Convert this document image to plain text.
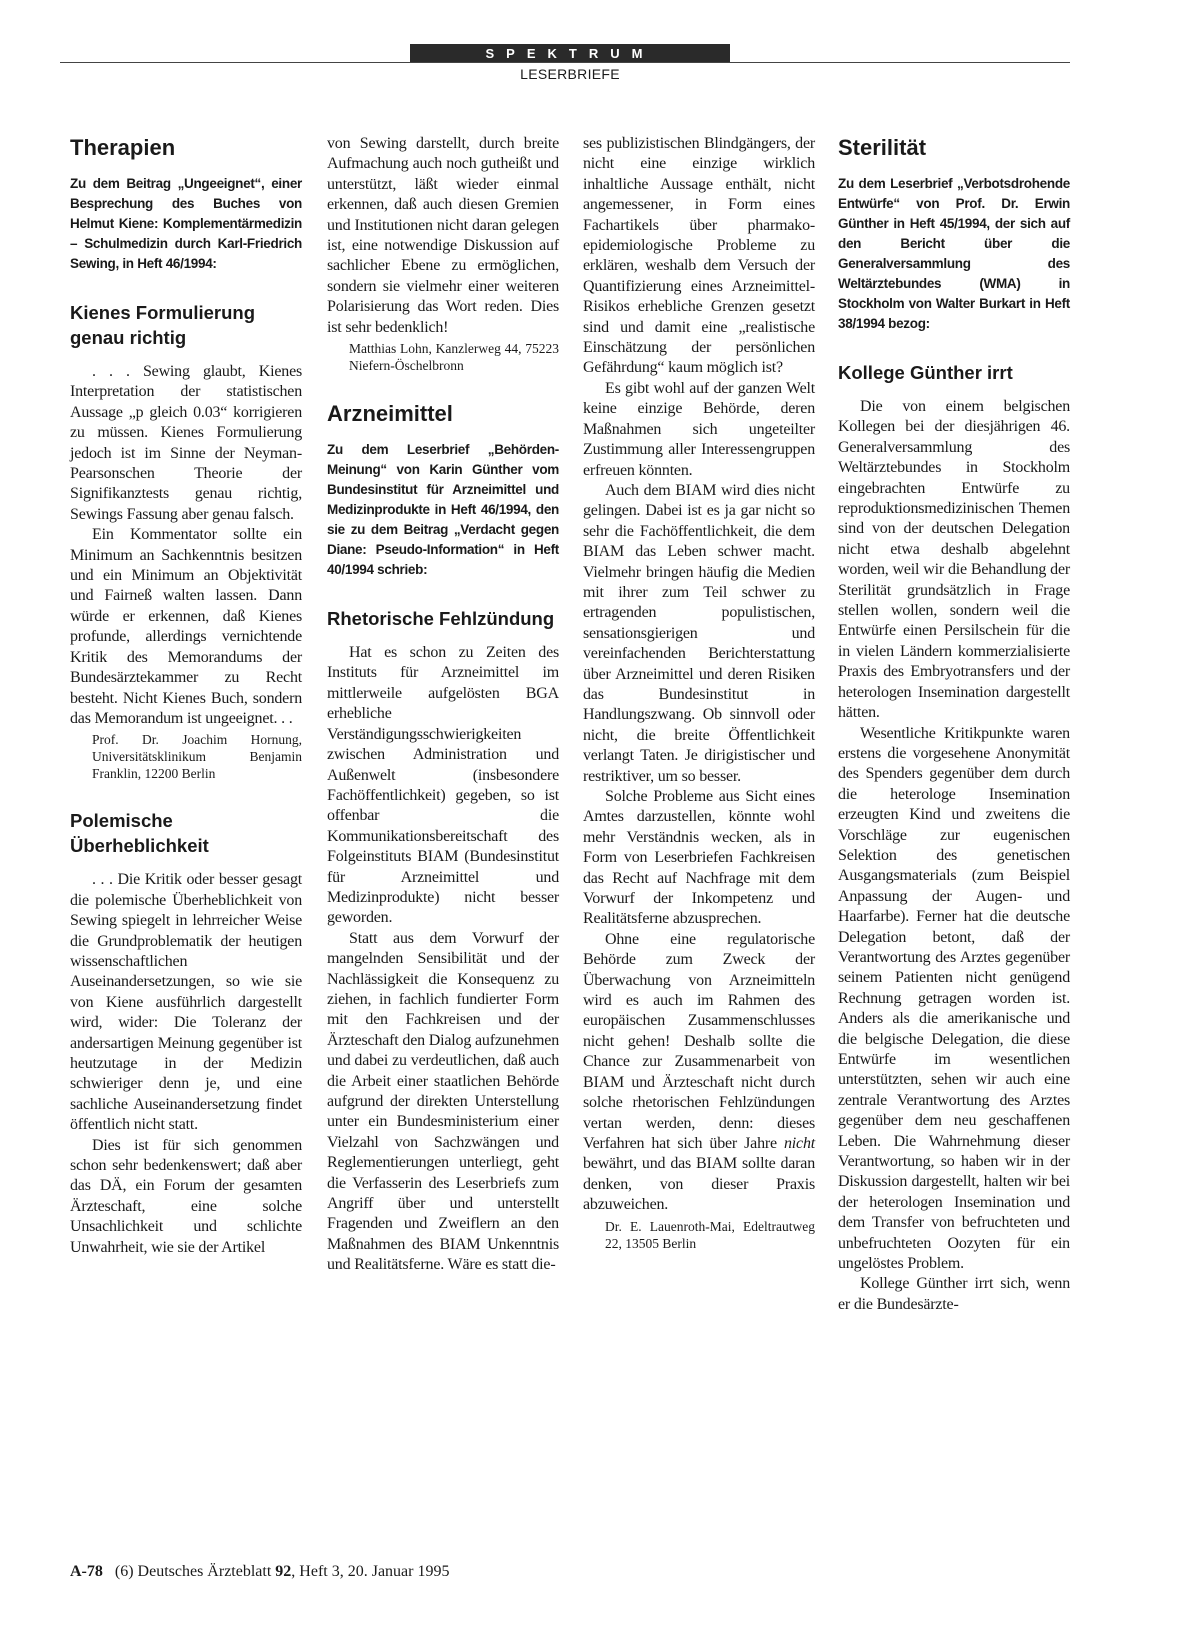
SPEKTRUM
LESERBRIEFE
Therapien

Zu dem Beitrag „Ungeeignet“, einer Besprechung des Buches von Helmut Kiene: Komplementärmedizin – Schulmedizin durch Karl-Friedrich Sewing, in Heft 46/1994:

Kienes Formulierung genau richtig

. . . Sewing glaubt, Kienes Interpretation der statistischen Aussage „p gleich 0.03“ korrigieren zu müssen. Kienes Formulierung jedoch ist im Sinne der Neyman-Pearsonschen Theorie der Signifikanztests genau richtig, Sewings Fassung aber genau falsch.

Ein Kommentator sollte ein Minimum an Sachkenntnis besitzen und ein Minimum an Objektivität und Fairneß walten lassen. Dann würde er erkennen, daß Kienes profunde, allerdings vernichtende Kritik des Memorandums der Bundesärztekammer zu Recht besteht. Nicht Kienes Buch, sondern das Memorandum ist ungeeignet. . .

Prof. Dr. Joachim Hornung, Universitätsklinikum Benjamin Franklin, 12200 Berlin

Polemische Überheblichkeit

. . . Die Kritik oder besser gesagt die polemische Überheblichkeit von Sewing spiegelt in lehrreicher Weise die Grundproblematik der heutigen wissenschaftlichen Auseinandersetzungen, so wie sie von Kiene ausführlich dargestellt wird, wider: Die Toleranz der andersartigen Meinung gegenüber ist heutzutage in der Medizin schwieriger denn je, und eine sachliche Auseinandersetzung findet öffentlich nicht statt.

Dies ist für sich genommen schon sehr bedenkenswert; daß aber das DÄ, ein Forum der gesamten Ärzteschaft, eine solche Unsachlichkeit und schlichte Unwahrheit, wie sie der Artikel

von Sewing darstellt, durch breite Aufmachung auch noch gutheißt und unterstützt, läßt wieder einmal erkennen, daß auch diesen Gremien und Institutionen nicht daran gelegen ist, eine notwendige Diskussion auf sachlicher Ebene zu ermöglichen, sondern sie vielmehr einer weiteren Polarisierung das Wort reden. Dies ist sehr bedenklich!

Matthias Lohn, Kanzlerweg 44, 75223 Niefern-Öschelbronn

Arzneimittel

Zu dem Leserbrief „Behörden-Meinung“ von Karin Günther vom Bundesinstitut für Arzneimittel und Medizinprodukte in Heft 46/1994, den sie zu dem Beitrag „Verdacht gegen Diane: Pseudo-Information“ in Heft 40/1994 schrieb:

Rhetorische Fehlzündung

Hat es schon zu Zeiten des Instituts für Arzneimittel im mittlerweile aufgelösten BGA erhebliche Verständigungsschwierigkeiten zwischen Administration und Außenwelt (insbesondere Fachöffentlichkeit) gegeben, so ist offenbar die Kommunikationsbereitschaft des Folgeinstituts BIAM (Bundesinstitut für Arzneimittel und Medizinprodukte) nicht besser geworden.

Statt aus dem Vorwurf der mangelnden Sensibilität und der Nachlässigkeit die Konsequenz zu ziehen, in fachlich fundierter Form mit den Fachkreisen und der Ärzteschaft den Dialog aufzunehmen und dabei zu verdeutlichen, daß auch die Arbeit einer staatlichen Behörde aufgrund der direkten Unterstellung unter ein Bundesministerium einer Vielzahl von Sachzwängen und Reglementierungen unterliegt, geht die Verfasserin des Leserbriefs zum Angriff über und unterstellt Fragenden und Zweiflern an den Maßnahmen des BIAM Unkenntnis und Realitätsferne. Wäre es statt die-

ses publizistischen Blindgängers, der nicht eine einzige wirklich inhaltliche Aussage enthält, nicht angemessener, in Form eines Fachartikels über pharmako-epidemiologische Probleme zu erklären, weshalb dem Versuch der Quantifizierung eines Arzneimittel-Risikos erhebliche Grenzen gesetzt sind und damit eine „realistische Einschätzung der persönlichen Gefährdung“ kaum möglich ist?

Es gibt wohl auf der ganzen Welt keine einzige Behörde, deren Maßnahmen sich ungeteilter Zustimmung aller Interessengruppen erfreuen könnten.

Auch dem BIAM wird dies nicht gelingen. Dabei ist es ja gar nicht so sehr die Fachöffentlichkeit, die dem BIAM das Leben schwer macht. Vielmehr bringen häufig die Medien mit ihrer zum Teil schwer zu ertragenden populistischen, sensationsgierigen und vereinfachenden Berichterstattung über Arzneimittel und deren Risiken das Bundesinstitut in Handlungszwang. Ob sinnvoll oder nicht, die breite Öffentlichkeit verlangt Taten. Je dirigistischer und restriktiver, um so besser.

Solche Probleme aus Sicht eines Amtes darzustellen, könnte wohl mehr Verständnis wecken, als in Form von Leserbriefen Fachkreisen das Recht auf Nachfrage mit dem Vorwurf der Inkompetenz und Realitätsferne abzusprechen.

Ohne eine regulatorische Behörde zum Zweck der Überwachung von Arzneimitteln wird es auch im Rahmen des europäischen Zusammenschlusses nicht gehen! Deshalb sollte die Chance zur Zusammenarbeit von BIAM und Ärzteschaft nicht durch solche rhetorischen Fehlzündungen vertan werden, denn: dieses Verfahren hat sich über Jahre nicht bewährt, und das BIAM sollte daran denken, von dieser Praxis abzuweichen.

Dr. E. Lauenroth-Mai, Edeltrautweg 22, 13505 Berlin

Sterilität

Zu dem Leserbrief „Verbotsdrohende Entwürfe“ von Prof. Dr. Erwin Günther in Heft 45/1994, der sich auf den Bericht über die Generalversammlung des Weltärztebundes (WMA) in Stockholm von Walter Burkart in Heft 38/1994 bezog:

Kollege Günther irrt

Die von einem belgischen Kollegen bei der diesjährigen 46. Generalversammlung des Weltärztebundes in Stockholm eingebrachten Entwürfe zu reproduktionsmedizinischen Themen sind von der deutschen Delegation nicht etwa deshalb abgelehnt worden, weil wir die Behandlung der Sterilität grundsätzlich in Frage stellen wollen, sondern weil die Entwürfe einen Persilschein für die in vielen Ländern kommerzialisierte Praxis des Embryotransfers und der heterologen Insemination dargestellt hätten.

Wesentliche Kritikpunkte waren erstens die vorgesehene Anonymität des Spenders gegenüber dem durch die heterologe Insemination erzeugten Kind und zweitens die Vorschläge zur eugenischen Selektion des genetischen Ausgangsmaterials (zum Beispiel Anpassung der Augen- und Haarfarbe). Ferner hat die deutsche Delegation betont, daß der Verantwortung des Arztes gegenüber seinem Patienten nicht genügend Rechnung getragen worden ist. Anders als die amerikanische und die belgische Delegation, die diese Entwürfe im wesentlichen unterstützten, sehen wir auch eine zentrale Verantwortung des Arztes gegenüber dem neu geschaffenen Leben. Die Wahrnehmung dieser Verantwortung, so haben wir in der Diskussion dargestellt, halten wir bei der heterologen Insemination und dem Transfer von befruchteten und unbefruchteten Oozyten für ein ungelöstes Problem.

Kollege Günther irrt sich, wenn er die Bundesärzte-

A-78 (6) Deutsches Ärzteblatt 92, Heft 3, 20. Januar 1995
